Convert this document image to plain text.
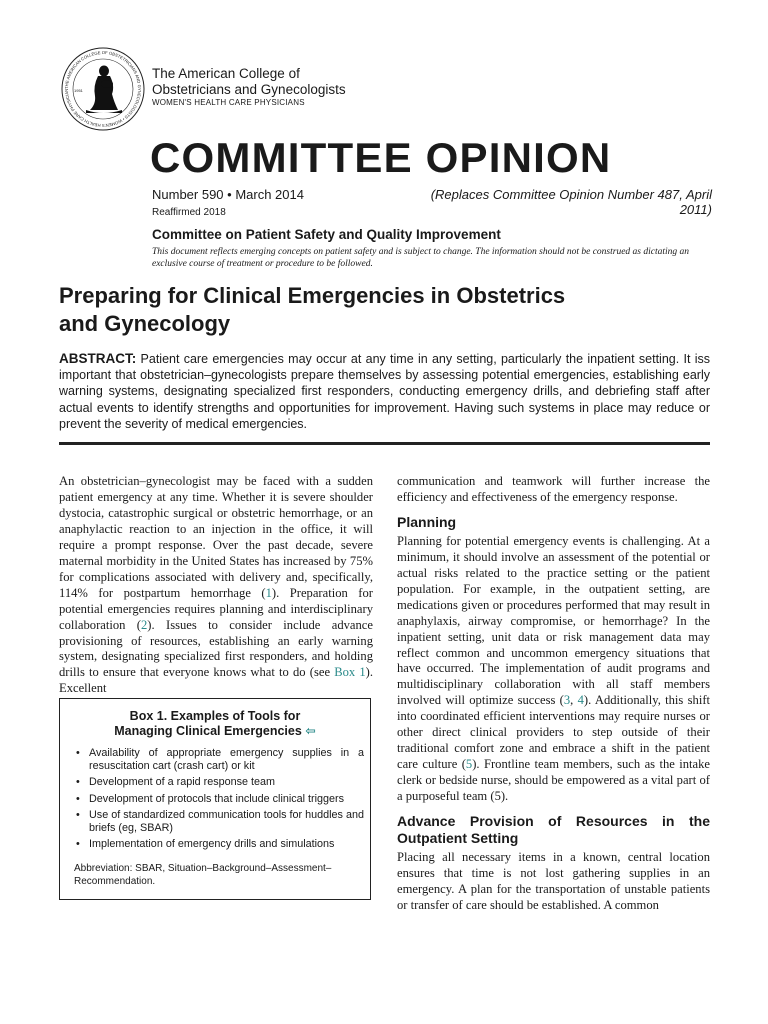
THE AMERICAN COLLEGE OF OBSTETRICIANS AND GYNECOLOGISTS • WOMEN'S HEALTH CARE PHYSICIAN	1951
The American College of
Obstetricians and Gynecologists
WOMEN'S HEALTH CARE PHYSICIANS
COMMITTEE OPINION
Number 590 • March 2014	(Replaces Committee Opinion Number 487, April 2011)
Reaffirmed 2018
Committee on Patient Safety and Quality Improvement
This document reflects emerging concepts on patient safety and is subject to change. The information should not be construed as dictating an exclusive course of treatment or procedure to be followed.
Preparing for Clinical Emergencies in Obstetrics
and Gynecology
ABSTRACT: Patient care emergencies may occur at any time in any setting, particularly the inpatient setting. It iss important that obstetrician–gynecologists prepare themselves by assessing potential emergencies, establishing early warning systems, designating specialized first responders, conducting emergency drills, and debriefing staff after actual events to identify strengths and opportunities for improvement. Having such systems in place may reduce or prevent the severity of medical emergencies.

An obstetrician–gynecologist may be faced with a sudden patient emergency at any time. Whether it is severe shoulder dystocia, catastrophic surgical or obstetric hemorrhage, or an anaphylactic reaction to an injection in the office, it will require a prompt response. Over the past decade, severe maternal morbidity in the United States has increased by 75% for complications associated with delivery and, specifically, 114% for postpartum hemorrhage (1). Preparation for potential emergencies requires planning and interdisciplinary collaboration (2). Issues to consider include advance provisioning of resources, establishing an early warning system, designating specialized first responders, and holding drills to ensure that everyone knows what to do (see Box 1). Excellent

Box 1. Examples of Tools for
Managing Clinical Emergencies ⇦
• Availability of appropriate emergency supplies in a resuscitation cart (crash cart) or kit
• Development of a rapid response team
• Development of protocols that include clinical triggers
• Use of standardized communication tools for huddles and briefs (eg, SBAR)
• Implementation of emergency drills and simulations
Abbreviation: SBAR, Situation–Background–Assessment–Recommendation.

communication and teamwork will further increase the efficiency and effectiveness of the emergency response.

Planning

Planning for potential emergency events is challenging. At a minimum, it should involve an assessment of the potential or actual risks related to the practice setting or the patient population. For example, in the outpatient setting, are medications given or procedures performed that may result in anaphylaxis, airway compromise, or hemorrhage? In the inpatient setting, unit data or risk management data may reflect common and uncommon emergency situations that have occurred. The implementation of audit programs and multidisciplinary collaboration with all staff members involved will optimize success (3, 4). Additionally, this shift into coordinated efficient interventions may require nurses or other direct clinical providers to step outside of their traditional comfort zone and embrace a shift in the patient care culture (5). Frontline team members, such as the intake clerk or bedside nurse, should be empowered as a vital part of a purposeful team (5).

Advance Provision of Resources in the Outpatient Setting

Placing all necessary items in a known, central location ensures that time is not lost gathering supplies in an emergency. A plan for the transportation of unstable patients or transfer of care should be established. A common
